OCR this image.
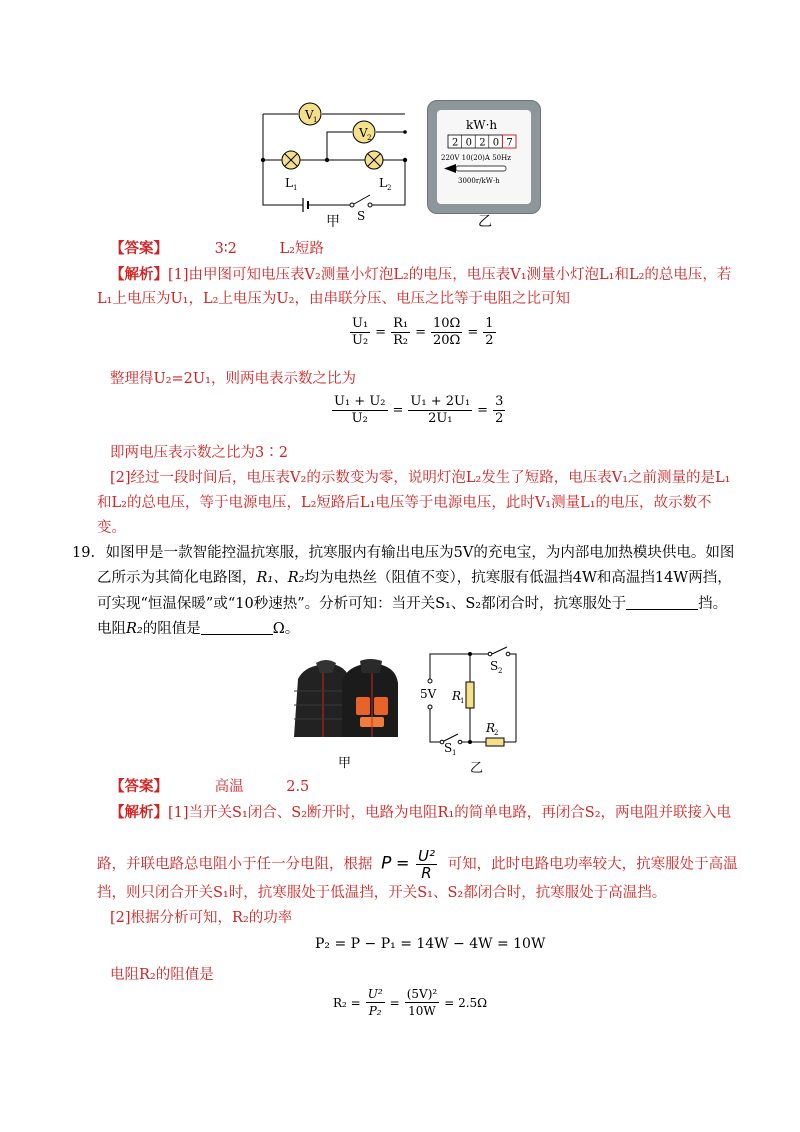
V 1
V 2
L 1	L 2
S
甲
kW·h
2 0 2 0 7
220V 10(20)A 50Hz
3000r/kW·h
乙
【答案】	3∶2	L₂短路
【解析】[1]由甲图可知电压表V₂测量小灯泡L₂的电压，电压表V₁测量小灯泡L₁和L₂的总电压，若
L₁上电压为U₁，L₂上电压为U₂，由串联分压、电压之比等于电阻之比可知
$\frac{\text{U₁}}{\text{U₂}} = \frac{\text{R₁}}{\text{R₂}} = \frac{10\Omega}{20\Omega} = \frac{1}{2}$
整理得U₂=2U₁，则两电表示数之比为
$\frac{\text{U₁ + U₂}}{\text{U₂}} = \frac{\text{U₁ + 2U₁}}{\text{2U₁}} = \frac{3}{2}$
即两电压表示数之比为3∶2
[2]经过一段时间后，电压表V₂的示数变为零，说明灯泡L₂发生了短路，电压表V₁之前测量的是L₁
和L₂的总电压，等于电源电压，L₂短路后L₁电压等于电源电压，此时V₁测量L₁的电压，故示数不
变。
19. 如图甲是一款智能控温抗寒服，抗寒服内有输出电压为5V的充电宝，为内部电加热模块供电。如图
乙所示为其简化电路图，R₁、R₂均为电热丝（阻值不变），抗寒服有低温挡4W和高温挡14W两挡，
可实现“恒温保暖”或“10秒速热”。分析可知：当开关S₁、S₂都闭合时，抗寒服处于	挡。
电阻R₂的阻值是	Ω。
甲
5V R
1
R
2
S 2
S 1
乙
【答案】	高温	2.5
【解析】[1]当开关S₁闭合、S₂断开时，电路为电阻R₁的简单电路，再闭合S₂，两电阻并联接入电
路，并联电路总电阻小于任一分电阻，根据 $P = \frac{\text{U²}}{R}$ 可知，此时电路电功率较大，抗寒服处于高温
挡，则只闭合开关S₁时，抗寒服处于低温挡，开关S₁、S₂都闭合时，抗寒服处于高温挡。
[2]根据分析可知，R₂的功率
P₂ = P − P₁ = 14W − 4W = 10W
电阻R₂的阻值是
$R_2 = \frac{\text{U²}}{\text{P₂}} = \frac{\text{(5V)²}}{10W} = 2.5\Omega$
